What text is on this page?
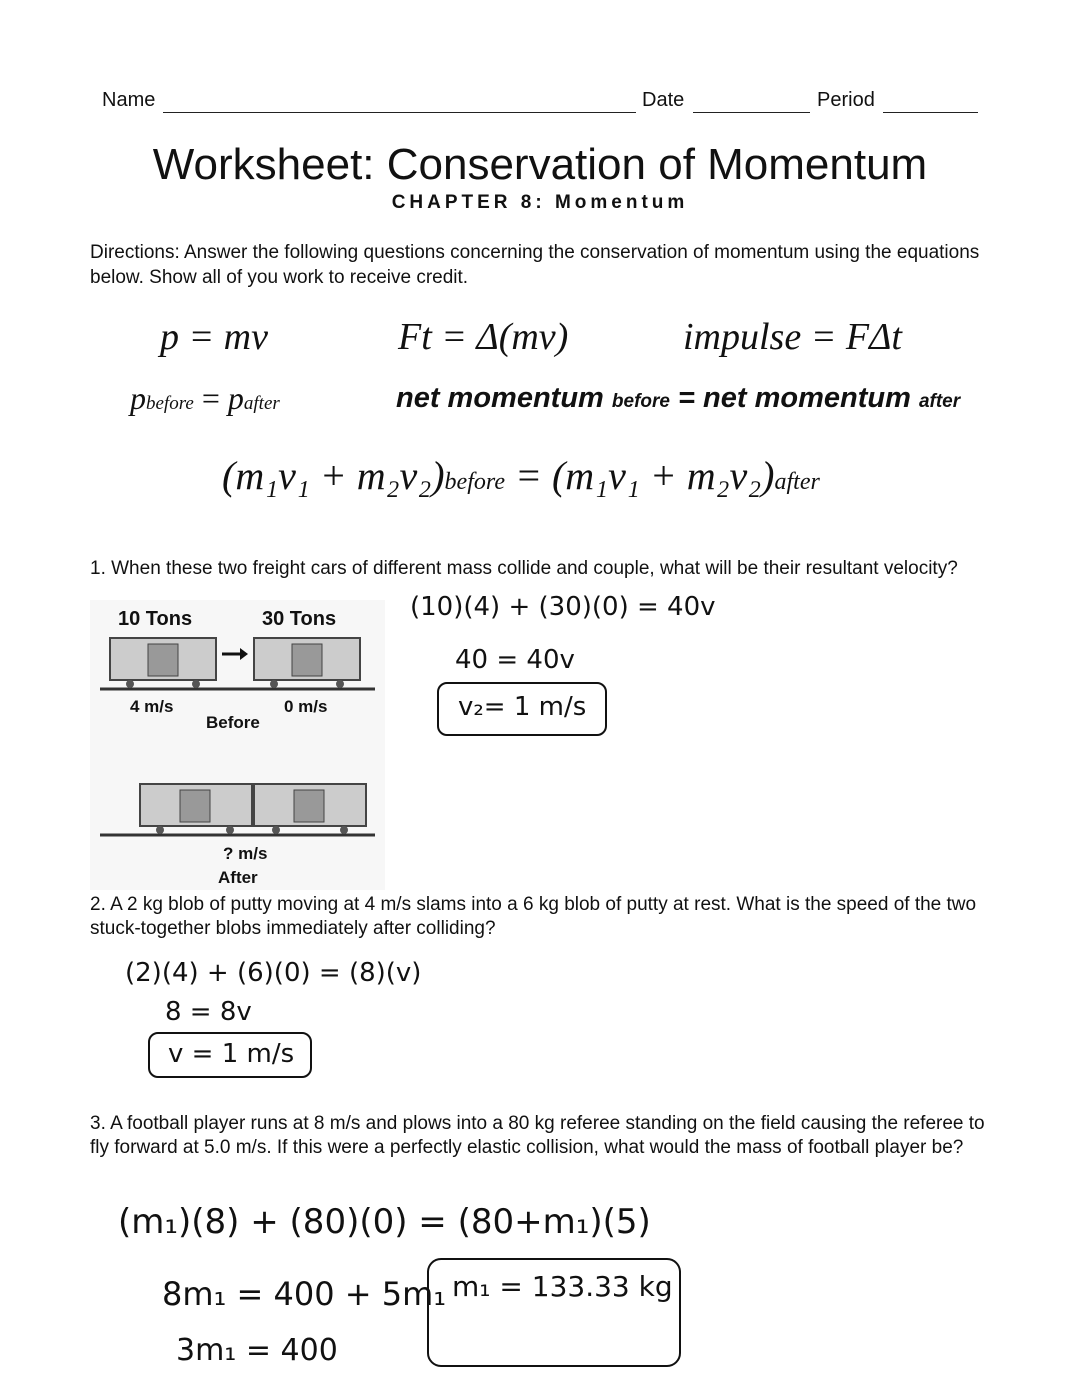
Name	Date	Period
Worksheet: Conservation of Momentum
CHAPTER 8: Momentum
Directions: Answer the following questions concerning the conservation of momentum using the equations below. Show all of you work to receive credit.
p = mv	Ft = Δ(mv)	impulse = FΔt
pbefore = pafter	net momentum before = net momentum after
(m₁v₁ + m₂v₂)before = (m₁v₁ + m₂v₂)after
1. When these two freight cars of different mass collide and couple, what will be their resultant velocity?
10 Tons	30 Tons
4 m/s	0 m/s
Before
? m/s
After
(10)(4) + (30)(0) = 40v
40 = 40v
v₂= 1 m/s
2. A 2 kg blob of putty moving at 4 m/s slams into a 6 kg blob of putty at rest. What is the speed of the two stuck-together blobs immediately after colliding?
(2)(4) + (6)(0) = (8)(v)
8 = 8v
v = 1 m/s
3. A football player runs at 8 m/s and plows into a 80 kg referee standing on the field causing the referee to fly forward at 5.0 m/s. If this were a perfectly elastic collision, what would the mass of football player be?
(m₁)(8) + (80)(0) = (80+m₁)(5)
8m₁ = 400 + 5m₁
3m₁ = 400
m₁ = 133.33 kg
